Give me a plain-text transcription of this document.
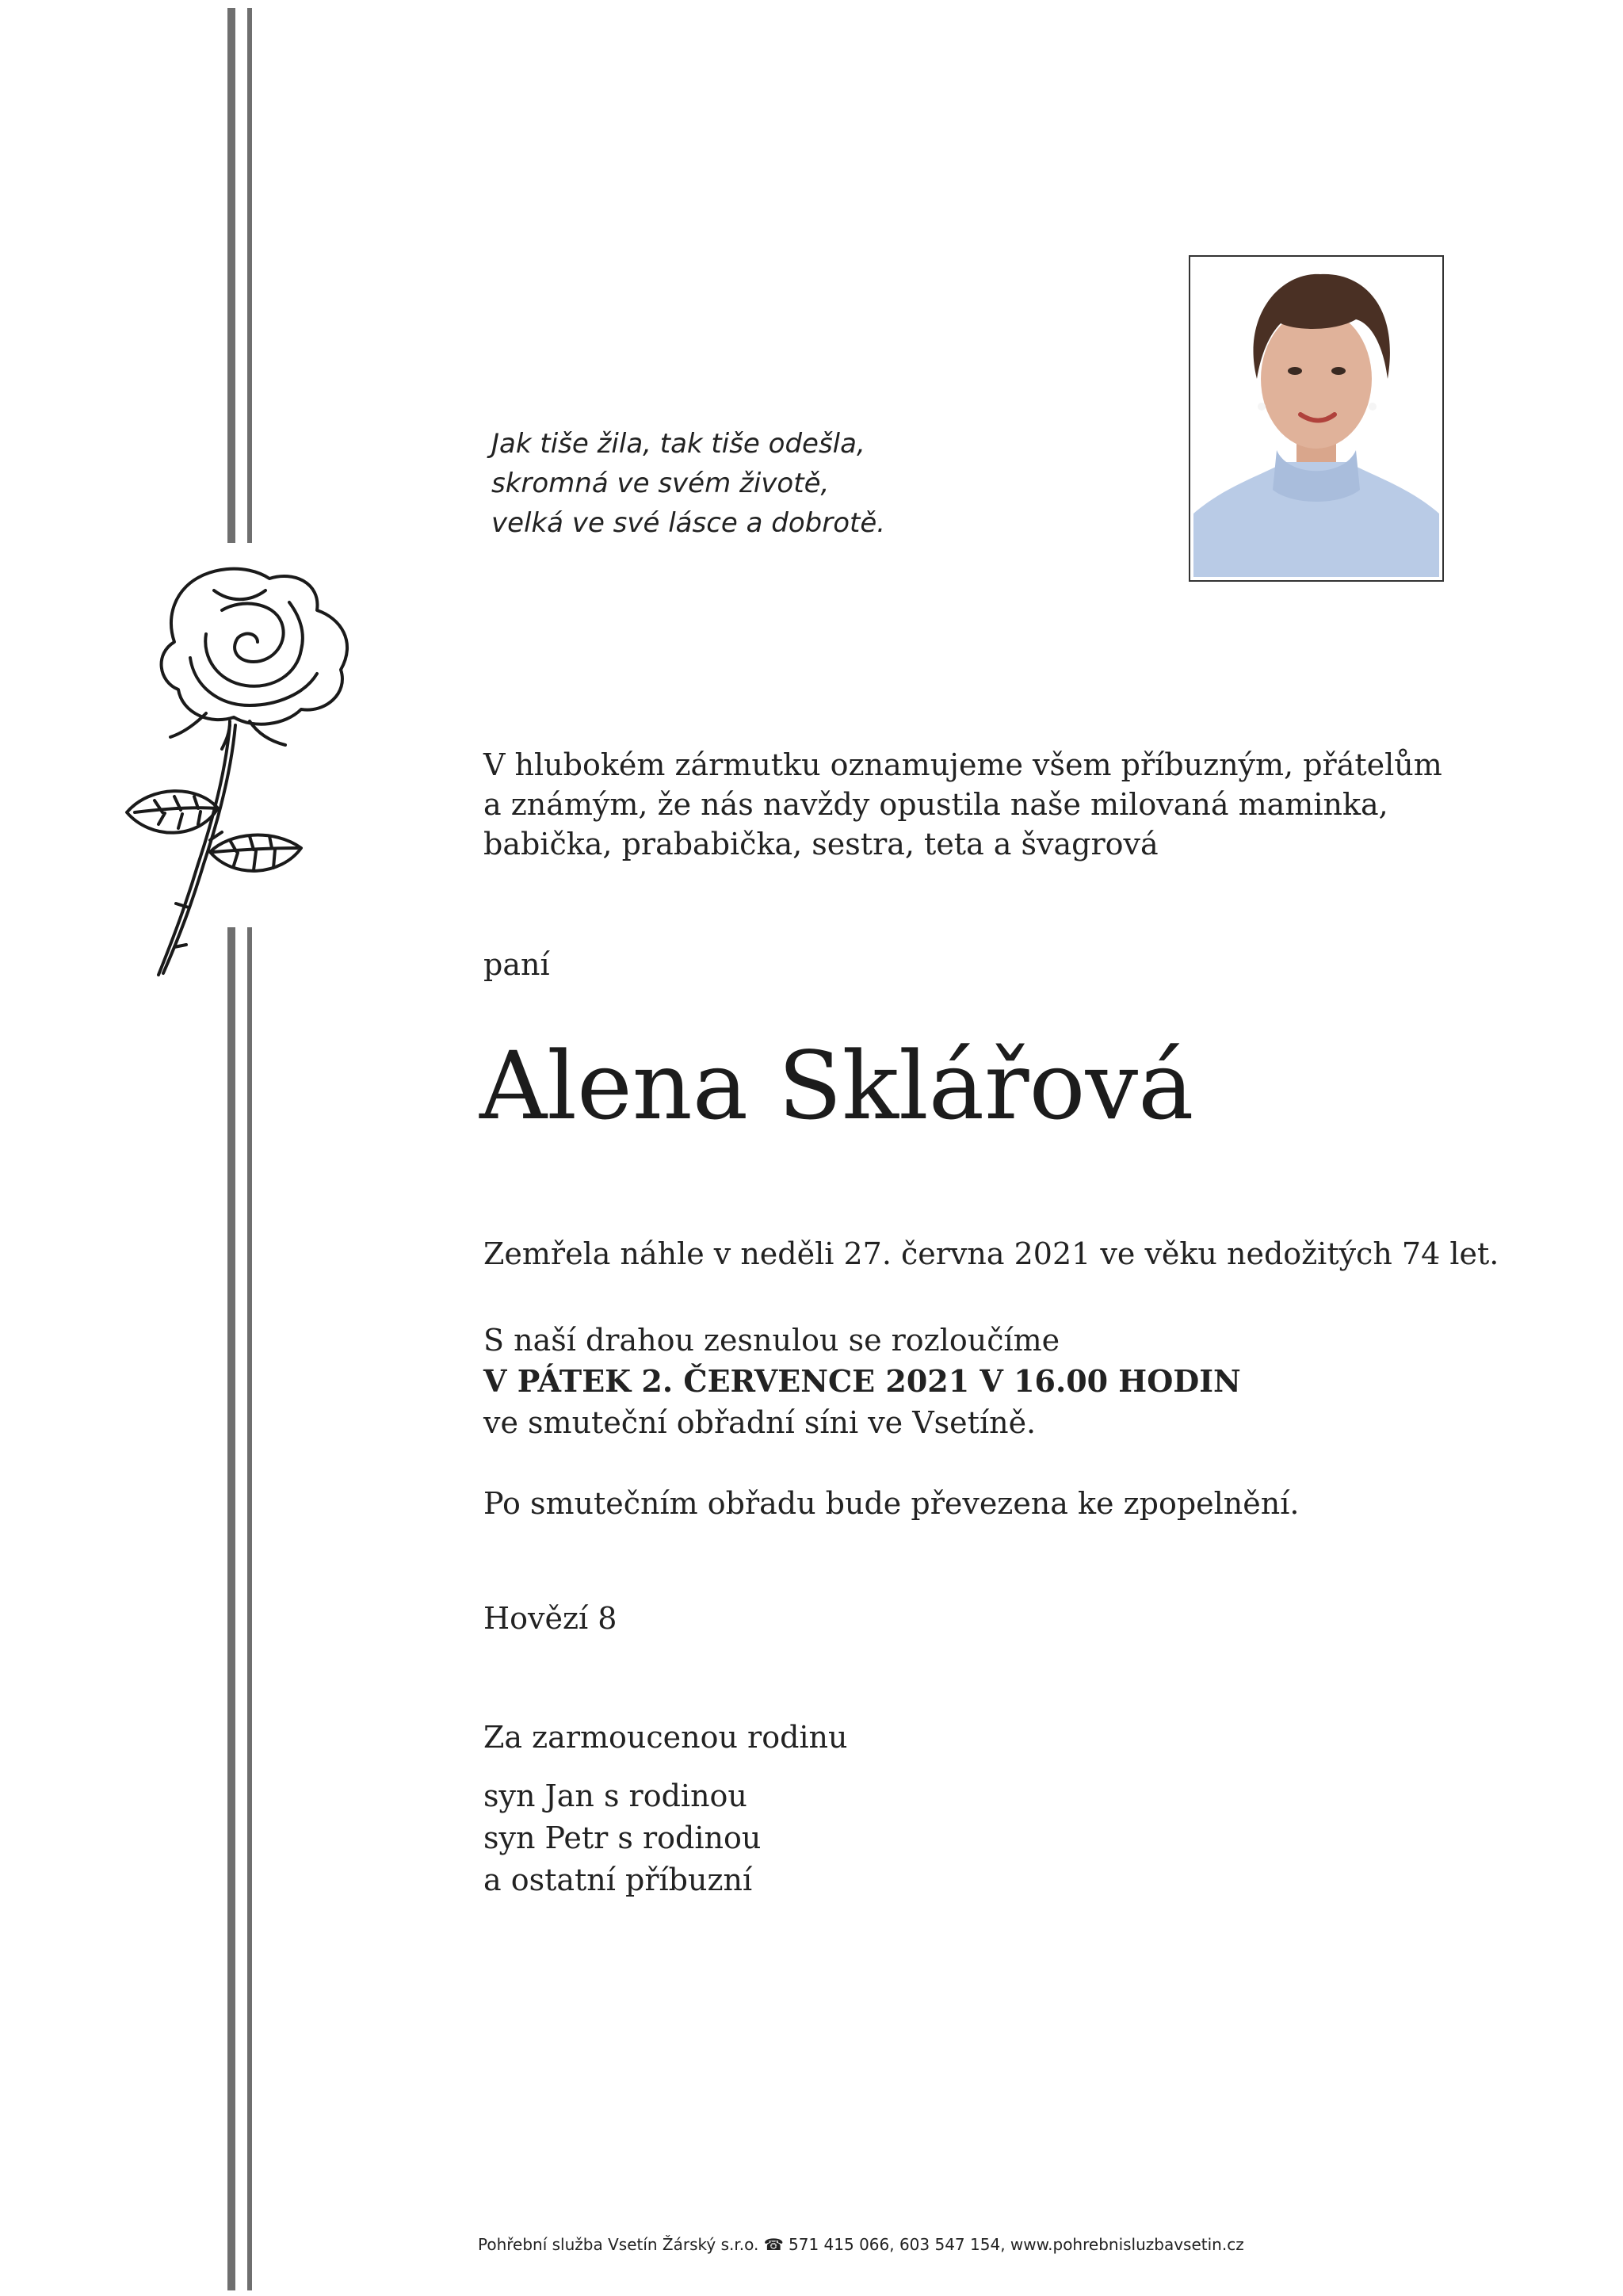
Jak tiše žila, tak tiše odešla,
skromná ve svém životě,
velká ve své lásce a dobrotě.
V hlubokém zármutku oznamujeme všem příbuzným, přátelům
a známým, že nás navždy opustila naše milovaná maminka,
babička, prababička, sestra, teta a švagrová
paní
Alena Sklářová
Zemřela náhle v neděli 27. června 2021 ve věku nedožitých 74 let.
S naší drahou zesnulou se rozloučíme
V PÁTEK 2. ČERVENCE 2021 V 16.00 HODIN
ve smuteční obřadní síni ve Vsetíně.
Po smutečním obřadu bude převezena ke zpopelnění.
Hovězí 8
Za zarmoucenou rodinu
syn Jan s rodinou
syn Petr s rodinou
a ostatní příbuzní
Pohřební služba Vsetín Žárský s.r.o. ☎ 571 415 066, 603 547 154, www.pohrebnisluzbavsetin.cz
